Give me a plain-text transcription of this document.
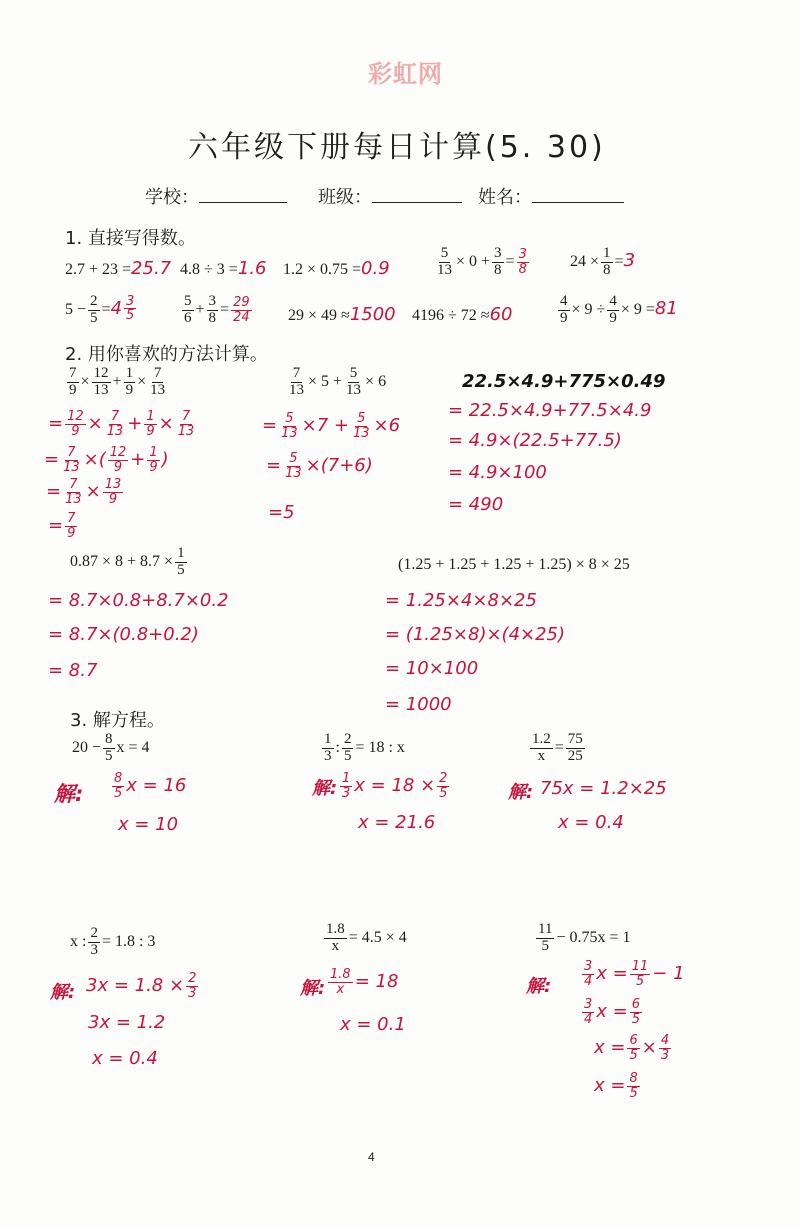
彩虹网
六年级下册每日计算(5. 30)
学校：	班级：	姓名：
1. 直接写得数。
2.7 + 23 =25.7 4.8 ÷ 3 =1.6 1.2 × 0.75 =0.9	$\frac{5}{13} \times 0 + \frac{3}{8} = \frac{3}{8}$	$24 \times \frac{1}{8} =3$
$5 - \frac{2}{5} =4 \frac{3}{5}$	$\frac{5}{6} + \frac{3}{8} = \frac{29}{24} 29 \times 49 \approx 1500$ 4196 ÷ 72 ≈60	$\frac{4}{9} \times 9 \div \frac{4}{9} \times 9 =81$
2. 用你喜欢的方法计算。
$\frac{7}{9} \times \frac{12}{13} + \frac{1}{9} \times \frac{7}{13}$
= $\frac{12}{9} \times \frac{7}{13} + \frac{1}{9} \times \frac{7}{13}$
= $\frac{7}{13}$ ×( $\frac{12}{9} + \frac{1}{9}$ )
= $\frac{7}{13} \times \frac{13}{9}$
= $\frac{7}{9}$
$\frac{7}{13} \times 5 + \frac{5}{13} \times 6$
= $\frac{5}{13} \times 7 + \frac{5}{13} \times 6$
= $\frac{5}{13} \times(7+6)$
=5
22.5×4.9+775×0.49
= 22.5×4.9+77.5×4.9
= 4.9×(22.5+77.5)
= 4.9×100
= 490
$0.87 \times 8 + 8.7 \times \frac{1}{5}$
= 8.7×0.8+8.7×0.2
= 8.7×(0.8+0.2)
= 8.7
(1.25 + 1.25 + 1.25 + 1.25) × 8 × 25
= 1.25×4×8×25
= (1.25×8)×(4×25)
= 10×100
= 1000
3. 解方程。
$20 - \frac{8}{5}$ x = 4
解: $\frac{8}{5}$ x = 16
x = 10
$\frac{1}{3}$ : $\frac{2}{5} = 18$ : x
解: $\frac{1}{3}$ $x = 18 \times \frac{2}{5}$
x = 21.6
$\frac{1.2}{x} = \frac{75}{25}$
解: 75x = 1.2×25
x = 0.4
x : $\frac{2}{3} = 1.8$ : 3
解: $3x = 1.8 \times \frac{2}{3}$
3x = 1.2
x = 0.4
$\frac{1.8}{x} = 4.5 \times 4$
解: $\frac{1.8}{x} = 18$
x = 0.1
$\frac{11}{5} - 0.75x = 1$
解: $\frac{3}{4}$ $x = \frac{11}{5} - 1$
$\frac{3}{4}$ $x = \frac{6}{5}$
$x = \frac{6}{5} \times \frac{4}{3}$
$x = \frac{8}{5}$
4
